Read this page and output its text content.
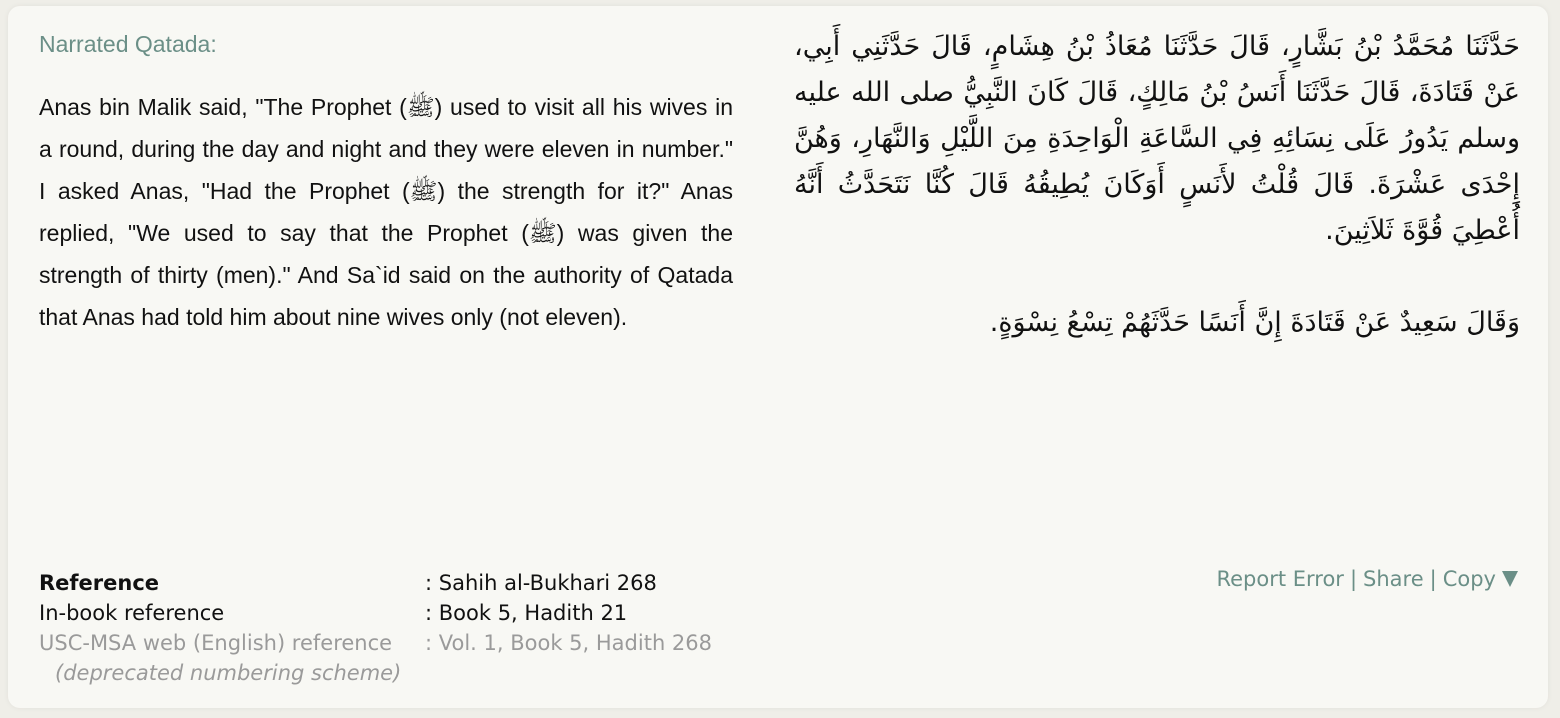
Narrated Qatada:

Anas bin Malik said, "The Prophet (ﷺ) used to visit all his wives in a round, during the day and night and they were eleven in number." I asked Anas, "Had the Prophet (ﷺ) the strength for it?" Anas replied, "We used to say that the Prophet (ﷺ) was given the strength of thirty (men)." And Sa`id said on the authority of Qatada that Anas had told him about nine wives only (not eleven).

حَدَّثَنَا مُحَمَّدُ بْنُ بَشَّارٍ، قَالَ حَدَّثَنَا مُعَاذُ بْنُ هِشَامٍ، قَالَ حَدَّثَنِي أَبِي، عَنْ قَتَادَةَ، قَالَ حَدَّثَنَا أَنَسُ بْنُ مَالِكٍ، قَالَ كَانَ النَّبِيُّ صلى الله عليه وسلم يَدُورُ عَلَى نِسَائِهِ فِي السَّاعَةِ الْوَاحِدَةِ مِنَ اللَّيْلِ وَالنَّهَارِ، وَهُنَّ إِحْدَى عَشْرَةَ‏.‏ قَالَ قُلْتُ لأَنَسٍ أَوَكَانَ يُطِيقُهُ قَالَ كُنَّا نَتَحَدَّثُ أَنَّهُ أُعْطِيَ قُوَّةَ ثَلاَثِينَ‏.‏

وَقَالَ سَعِيدٌ عَنْ قَتَادَةَ إِنَّ أَنَسًا حَدَّثَهُمْ تِسْعُ نِسْوَةٍ‏.‏

Reference	: Sahih al-Bukhari 268
In-book reference	: Book 5, Hadith 21
USC-MSA web (English) reference	: Vol. 1, Book 5, Hadith 268
(deprecated numbering scheme)
Report Error | Share | Copy
